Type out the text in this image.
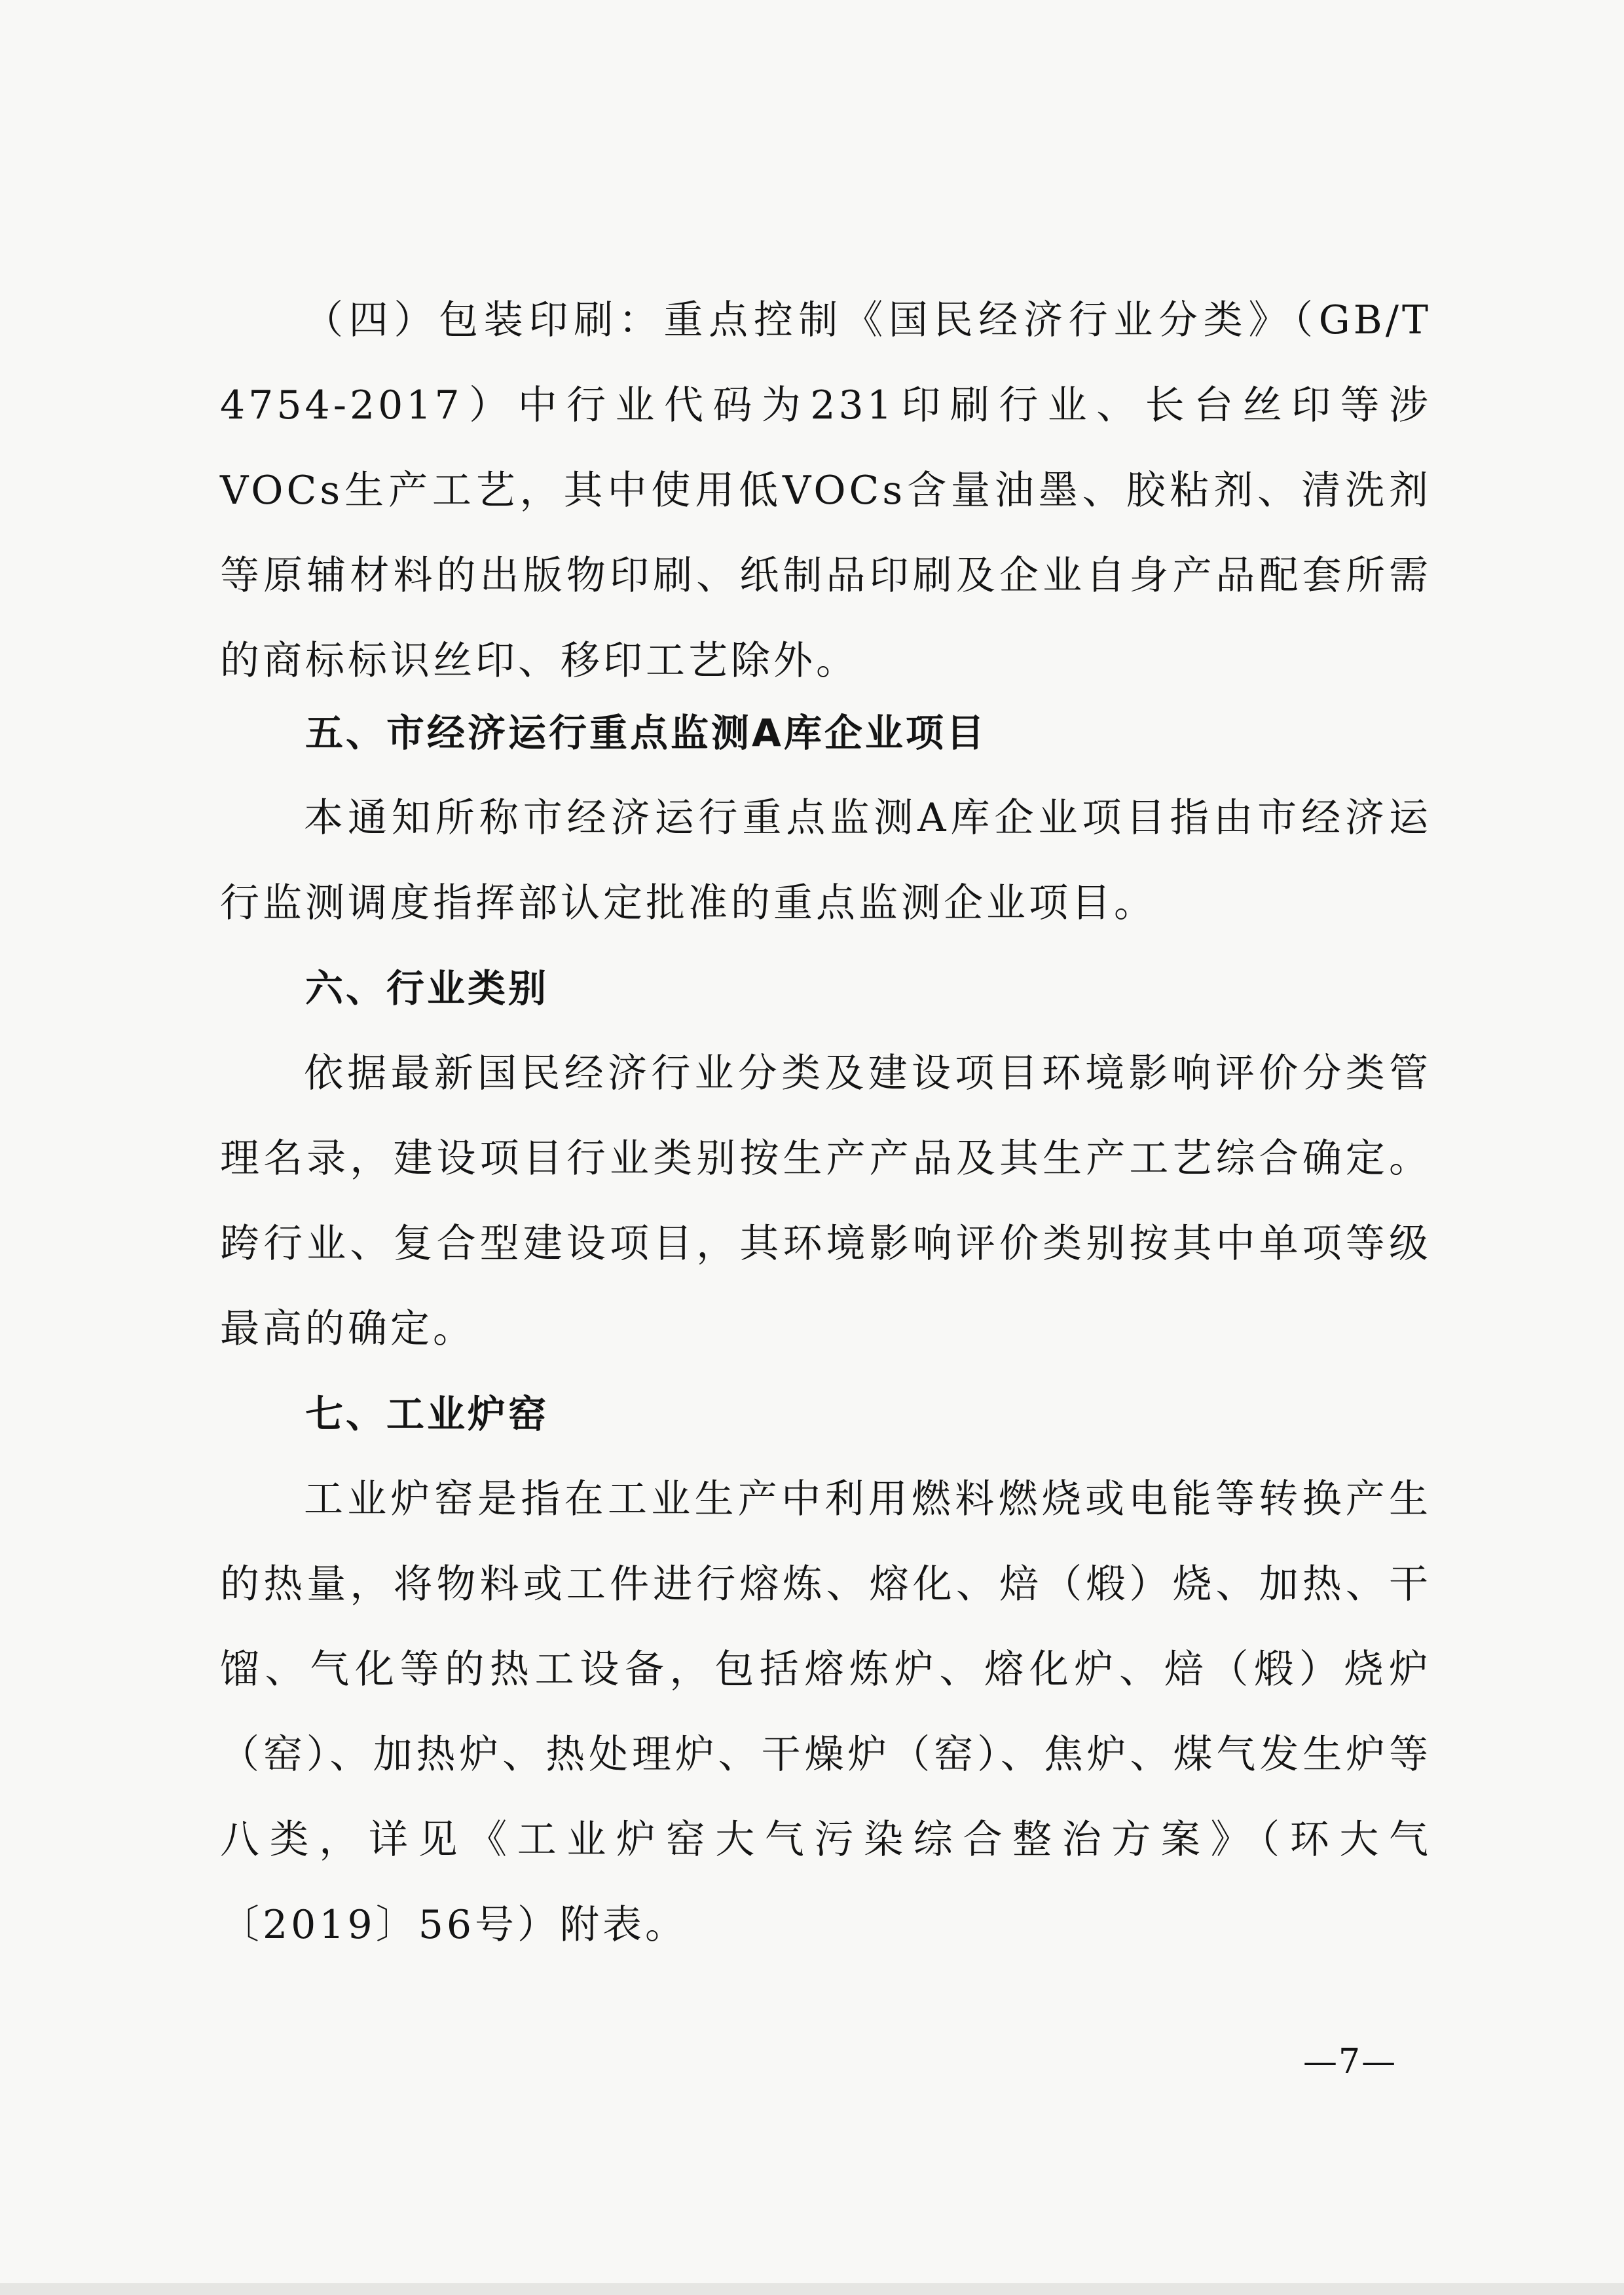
（四）包装印刷：重点控制《国民经济行业分类》（GB/T 4754-2017）中行业代码为231印刷行业、长台丝印等涉VOCs生产工艺，其中使用低VOCs含量油墨、胶粘剂、清洗剂等原辅材料的出版物印刷、纸制品印刷及企业自身产品配套所需的商标标识丝印、移印工艺除外。
五、市经济运行重点监测A库企业项目
本通知所称市经济运行重点监测A库企业项目指由市经济运行监测调度指挥部认定批准的重点监测企业项目。
六、行业类别
依据最新国民经济行业分类及建设项目环境影响评价分类管理名录，建设项目行业类别按生产产品及其生产工艺综合确定。跨行业、复合型建设项目，其环境影响评价类别按其中单项等级最高的确定。
七、工业炉窑
工业炉窑是指在工业生产中利用燃料燃烧或电能等转换产生的热量，将物料或工件进行熔炼、熔化、焙（煅）烧、加热、干馏、气化等的热工设备，包括熔炼炉、熔化炉、焙（煅）烧炉（窑）、加热炉、热处理炉、干燥炉（窑）、焦炉、煤气发生炉等八类，详见《工业炉窑大气污染综合整治方案》（环大气〔2019〕56号）附表。
—7—
